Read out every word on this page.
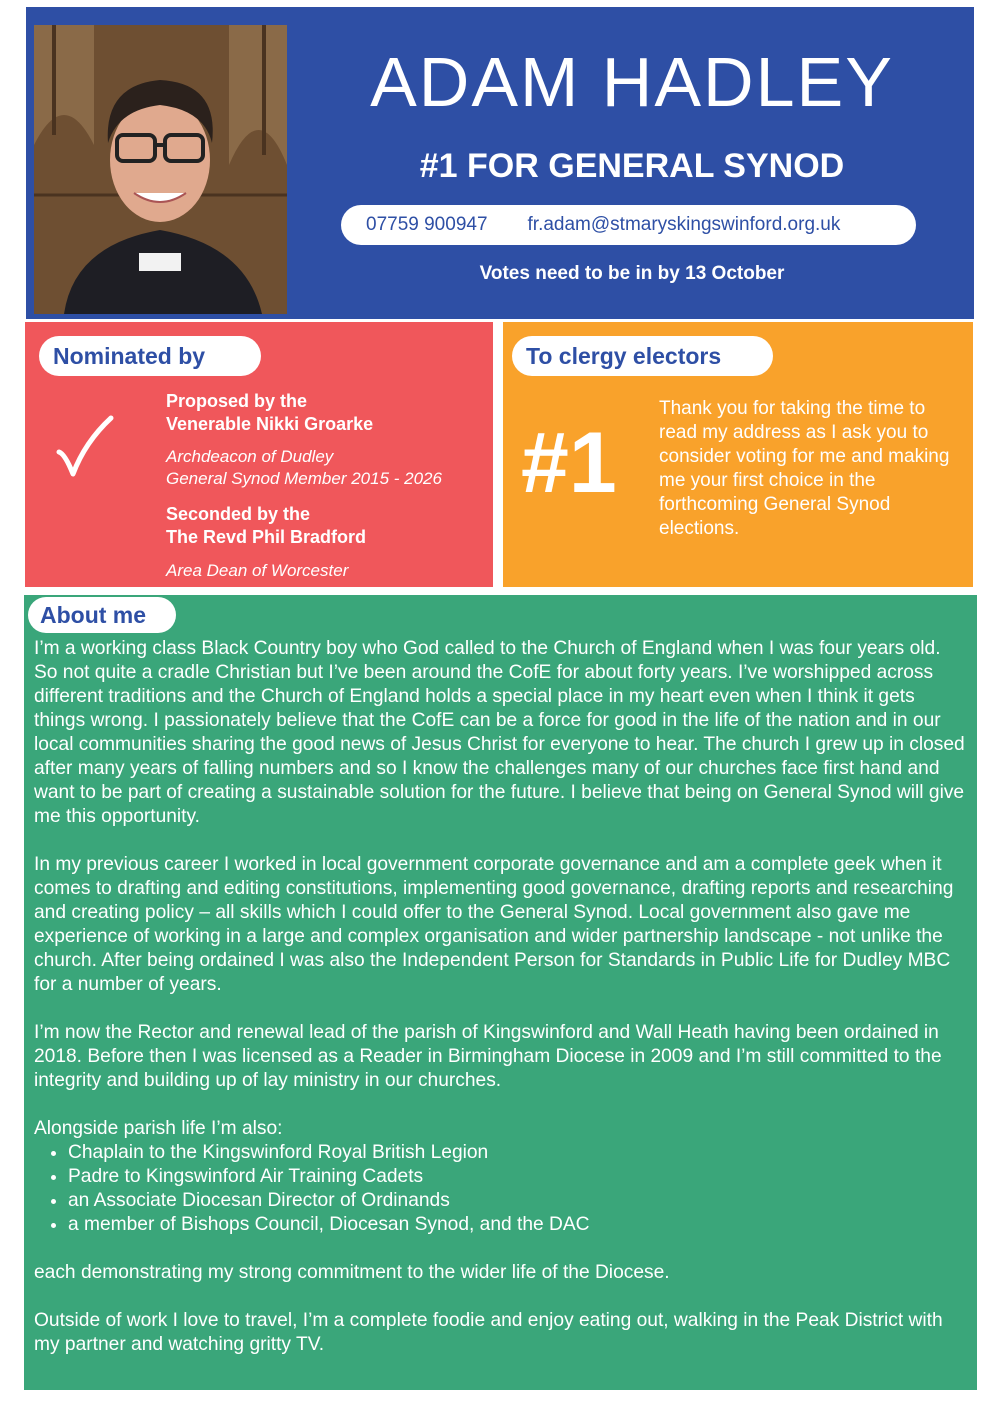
ADAM HADLEY
#1 FOR GENERAL SYNOD
07759 900947 fr.adam@stmaryskingswinford.org.uk
Votes need to be in by 13 October
Nominated by
Proposed by the
Venerable Nikki Groarke
Archdeacon of Dudley
General Synod Member 2015 - 2026
Seconded by the
The Revd Phil Bradford
Area Dean of Worcester
To clergy electors
#1
Thank you for taking the time to read my address as I ask you to consider voting for me and making me your first choice in the forthcoming General Synod elections.
About me

I’m a working class Black Country boy who God called to the Church of England when I was four years old. So not quite a cradle Christian but I’ve been around the CofE for about forty years. I’ve worshipped across different traditions and the Church of England holds a special place in my heart even when I think it gets things wrong. I passionately believe that the CofE can be a force for good in the life of the nation and in our local communities sharing the good news of Jesus Christ for everyone to hear. The church I grew up in closed after many years of falling numbers and so I know the challenges many of our churches face first hand and want to be part of creating a sustainable solution for the future. I believe that being on General Synod will give me this opportunity.

In my previous career I worked in local government corporate governance and am a complete geek when it comes to drafting and editing constitutions, implementing good governance, drafting reports and researching and creating policy – all skills which I could offer to the General Synod. Local government also gave me experience of working in a large and complex organisation and wider partnership landscape - not unlike the church. After being ordained I was also the Independent Person for Standards in Public Life for Dudley MBC for a number of years.

I’m now the Rector and renewal lead of the parish of Kingswinford and Wall Heath having been ordained in 2018. Before then I was licensed as a Reader in Birmingham Diocese in 2009 and I’m still committed to the integrity and building up of lay ministry in our churches.

Alongside parish life I’m also:
• Chaplain to the Kingswinford Royal British Legion
• Padre to Kingswinford Air Training Cadets
• an Associate Diocesan Director of Ordinands
• a member of Bishops Council, Diocesan Synod, and the DAC

each demonstrating my strong commitment to the wider life of the Diocese.

Outside of work I love to travel, I’m a complete foodie and enjoy eating out, walking in the Peak District with my partner and watching gritty TV.
